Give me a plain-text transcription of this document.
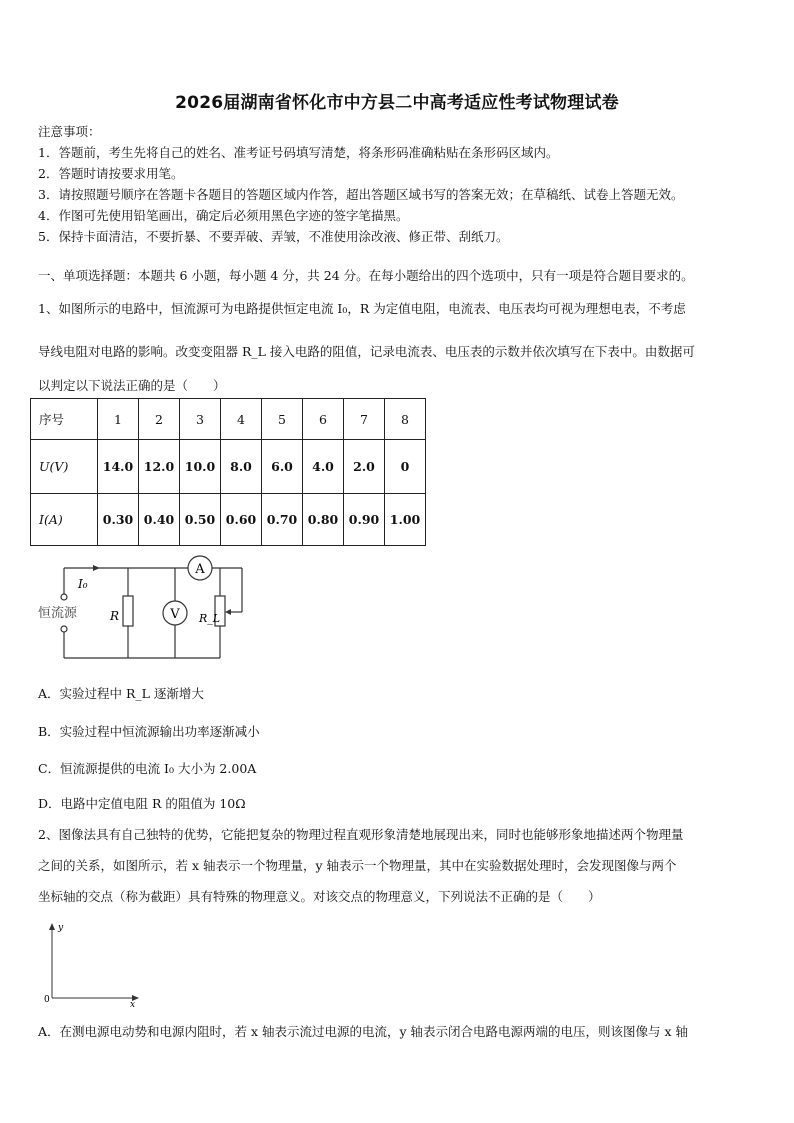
2026届湖南省怀化市中方县二中高考适应性考试物理试卷
注意事项：
1．答题前，考生先将自己的姓名、准考证号码填写清楚，将条形码准确粘贴在条形码区域内。
2．答题时请按要求用笔。
3．请按照题号顺序在答题卡各题目的答题区域内作答，超出答题区域书写的答案无效；在草稿纸、试卷上答题无效。
4．作图可先使用铅笔画出，确定后必须用黑色字迹的签字笔描黑。
5．保持卡面清洁，不要折暴、不要弄破、弄皱，不准使用涂改液、修正带、刮纸刀。
一、单项选择题：本题共 6 小题，每小题 4 分，共 24 分。在每小题给出的四个选项中，只有一项是符合题目要求的。
1、如图所示的电路中，恒流源可为电路提供恒定电流 I₀，R 为定值电阻，电流表、电压表均可视为理想电表，不考虑
导线电阻对电路的影响。改变变阻器 R_L 接入电路的阻值，记录电流表、电压表的示数并依次填写在下表中。由数据可
以判定以下说法正确的是（　　）
序号	1	2	3	4	5	6	7	8
U(V)	14.0	12.0	10.0	8.0	6.0	4.0	2.0	0
I(A)	0.30	0.40	0.50	0.60	0.70	0.80	0.90	1.00
I₀
恒流源	R	R_L
V
A
A．实验过程中 R_L 逐渐增大
B．实验过程中恒流源输出功率逐渐减小
C．恒流源提供的电流 I₀ 大小为 2.00A
D．电路中定值电阻 R 的阻值为 10Ω
2、图像法具有自己独特的优势，它能把复杂的物理过程直观形象清楚地展现出来，同时也能够形象地描述两个物理量
之间的关系，如图所示，若 x 轴表示一个物理量，y 轴表示一个物理量，其中在实验数据处理时，会发现图像与两个
坐标轴的交点（称为截距）具有特殊的物理意义。对该交点的物理意义，下列说法不正确的是（　　）
y
x
0
A．在测电源电动势和电源内阻时，若 x 轴表示流过电源的电流，y 轴表示闭合电路电源两端的电压，则该图像与 x 轴
